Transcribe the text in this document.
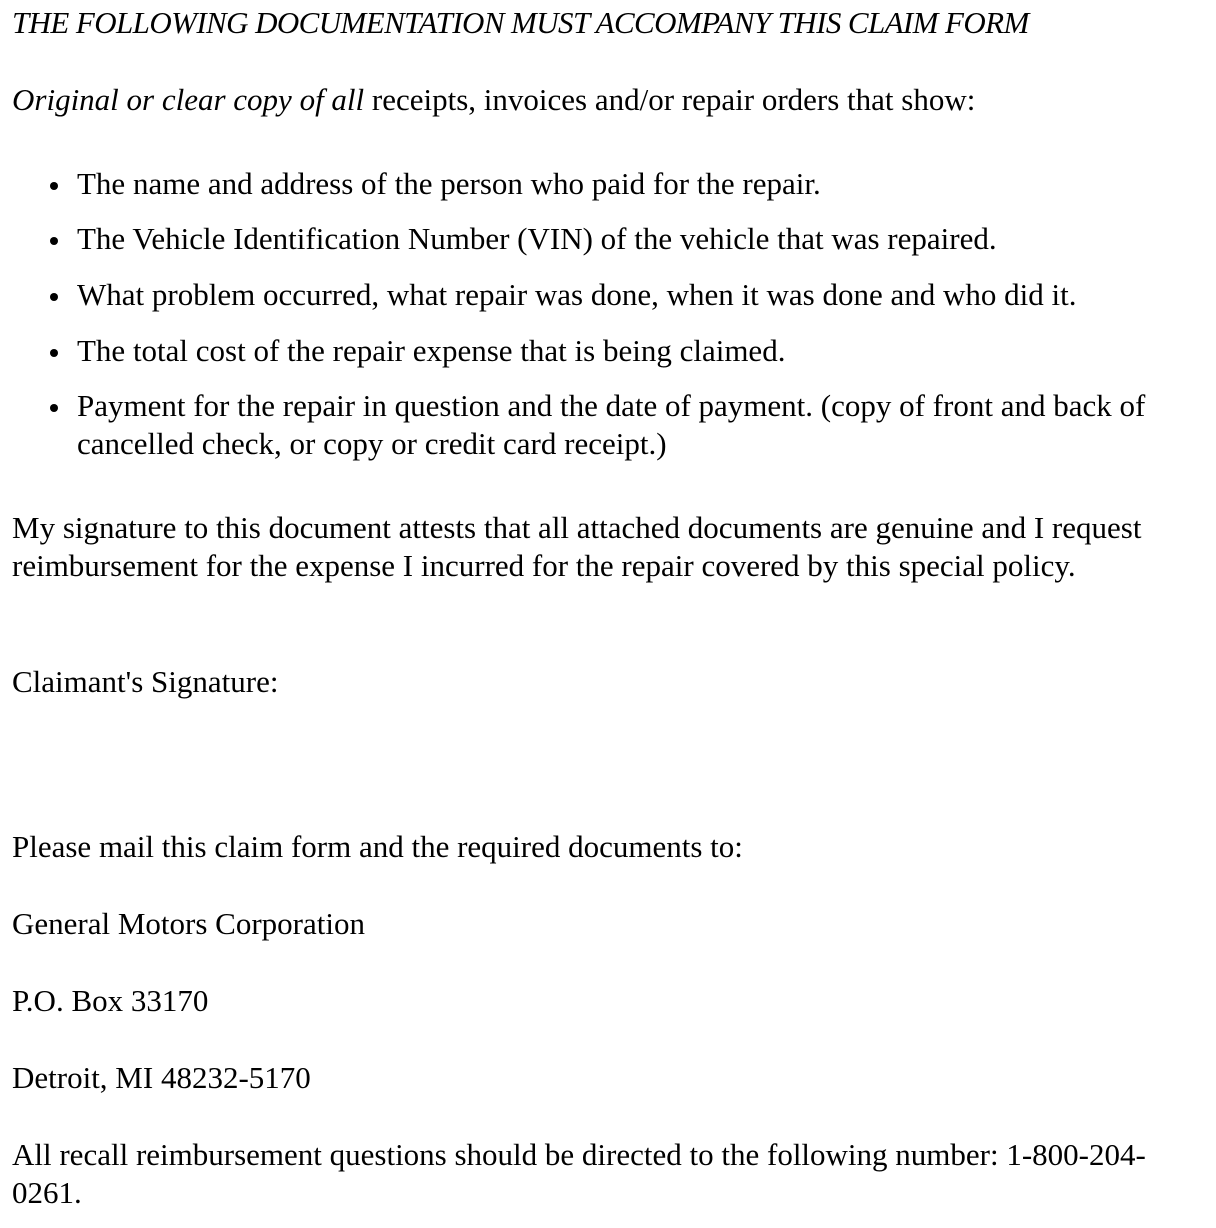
THE FOLLOWING DOCUMENTATION MUST ACCOMPANY THIS CLAIM FORM
Original or clear copy of all receipts, invoices and/or repair orders that show:
The name and address of the person who paid for the repair.
The Vehicle Identification Number (VIN) of the vehicle that was repaired.
What problem occurred, what repair was done, when it was done and who did it.
The total cost of the repair expense that is being claimed.
Payment for the repair in question and the date of payment. (copy of front and back of cancelled check, or copy or credit card receipt.)
My signature to this document attests that all attached documents are genuine and I request reimbursement for the expense I incurred for the repair covered by this special policy.
Claimant's Signature:
Please mail this claim form and the required documents to:
General Motors Corporation
P.O. Box 33170
Detroit, MI 48232-5170
All recall reimbursement questions should be directed to the following number: 1-800-204-0261.
